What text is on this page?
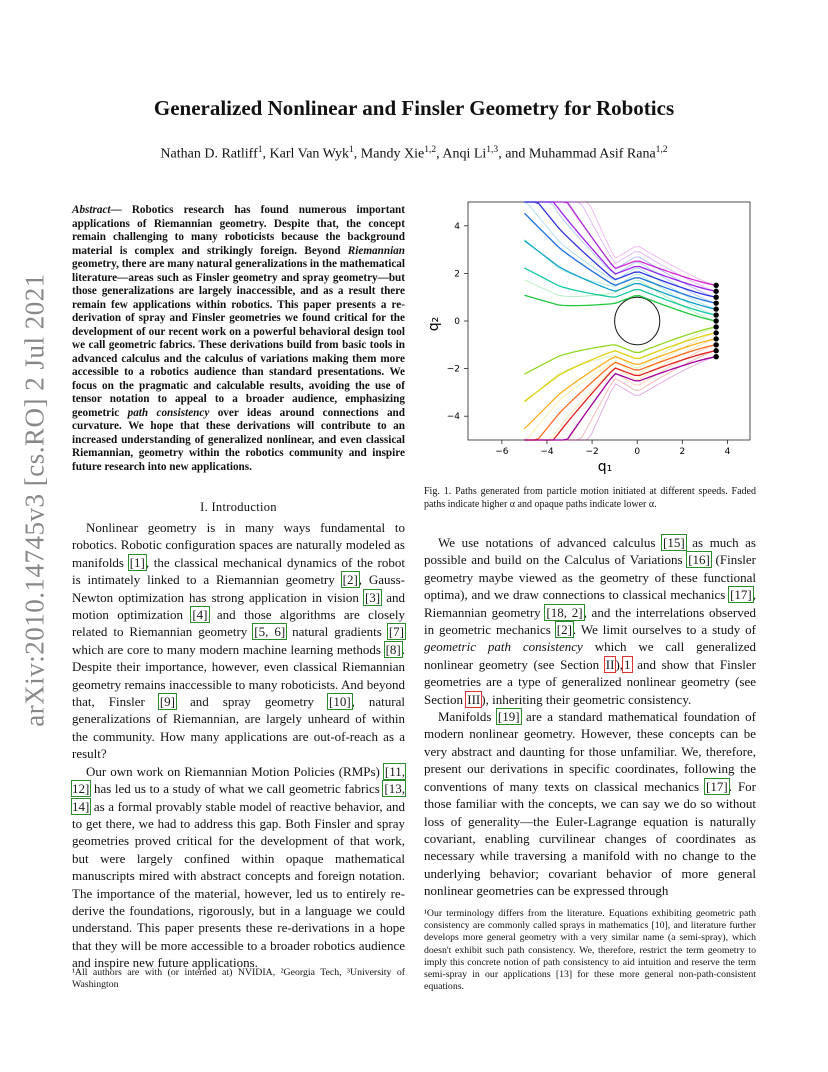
arXiv:2010.14745v3 [cs.RO] 2 Jul 2021
Generalized Nonlinear and Finsler Geometry for Robotics
Nathan D. Ratliff$^1$, Karl Van Wyk$^1$, Mandy Xie$^{1,2}$, Anqi Li$^{1,3}$, and Muhammad Asif Rana$^{1,2}$
Abstract— Robotics research has found numerous important applications of Riemannian geometry. Despite that, the concept remain challenging to many roboticists because the background material is complex and strikingly foreign. Beyond Riemannian geometry, there are many natural generalizations in the mathematical literature—areas such as Finsler geometry and spray geometry—but those generalizations are largely inaccessible, and as a result there remain few applications within robotics. This paper presents a re-derivation of spray and Finsler geometries we found critical for the development of our recent work on a powerful behavioral design tool we call geometric fabrics. These derivations build from basic tools in advanced calculus and the calculus of variations making them more accessible to a robotics audience than standard presentations. We focus on the pragmatic and calculable results, avoiding the use of tensor notation to appeal to a broader audience, emphasizing geometric path consistency over ideas around connections and curvature. We hope that these derivations will contribute to an increased understanding of generalized nonlinear, and even classical Riemannian, geometry within the robotics community and inspire future research into new applications.
I. Introduction

Nonlinear geometry is in many ways fundamental to robotics. Robotic configuration spaces are naturally modeled as manifolds [1], the classical mechanical dynamics of the robot is intimately linked to a Riemannian geometry [2], Gauss-Newton optimization has strong application in vision [3] and motion optimization [4] and those algorithms are closely related to Riemannian geometry [5, 6] natural gradients [7] which are core to many modern machine learning methods [8]. Despite their importance, however, even classical Riemannian geometry remains inaccessible to many roboticists. And beyond that, Finsler [9] and spray geometry [10], natural generalizations of Riemannian, are largely unheard of within the community. How many applications are out-of-reach as a result?

Our own work on Riemannian Motion Policies (RMPs) [11, 12] has led us to a study of what we call geometric fabrics [13, 14] as a formal provably stable model of reactive behavior, and to get there, we had to address this gap. Both Finsler and spray geometries proved critical for the development of that work, but were largely confined within opaque mathematical manuscripts mired with abstract concepts and foreign notation. The importance of the material, however, led us to entirely re-derive the foundations, rigorously, but in a language we could understand. This paper presents these re-derivations in a hope that they will be more accessible to a broader robotics audience and inspire new future applications.

¹All authors are with (or interned at) NVIDIA, ²Georgia Tech, ³University of Washington
−6	−4	−2	0	2	4
4
2
0
−2
−4
q₁
q₂
Fig. 1. Paths generated from particle motion initiated at different speeds. Faded paths indicate higher α and opaque paths indicate lower α.

We use notations of advanced calculus [15] as much as possible and build on the Calculus of Variations [16] (Finsler geometry maybe viewed as the geometry of these functional optima), and we draw connections to classical mechanics [17], Riemannian geometry [18, 2], and the interrelations observed in geometric mechanics [2]. We limit ourselves to a study of geometric path consistency which we call generalized nonlinear geometry (see Section II),1 and show that Finsler geometries are a type of generalized nonlinear geometry (see Section III), inheriting their geometric consistency.

Manifolds [19] are a standard mathematical foundation of modern nonlinear geometry. However, these concepts can be very abstract and daunting for those unfamiliar. We, therefore, present our derivations in specific coordinates, following the conventions of many texts on classical mechanics [17]. For those familiar with the concepts, we can say we do so without loss of generality—the Euler-Lagrange equation is naturally covariant, enabling curvilinear changes of coordinates as necessary while traversing a manifold with no change to the underlying behavior; covariant behavior of more general nonlinear geometries can be expressed through

¹Our terminology differs from the literature. Equations exhibiting geometric path consistency are commonly called sprays in mathematics [10], and literature further develops more general geometry with a very similar name (a semi-spray), which doesn't exhibit such path consistency. We, therefore, restrict the term geometry to imply this concrete notion of path consistency to aid intuition and reserve the term semi-spray in our applications [13] for these more general non-path-consistent equations.
